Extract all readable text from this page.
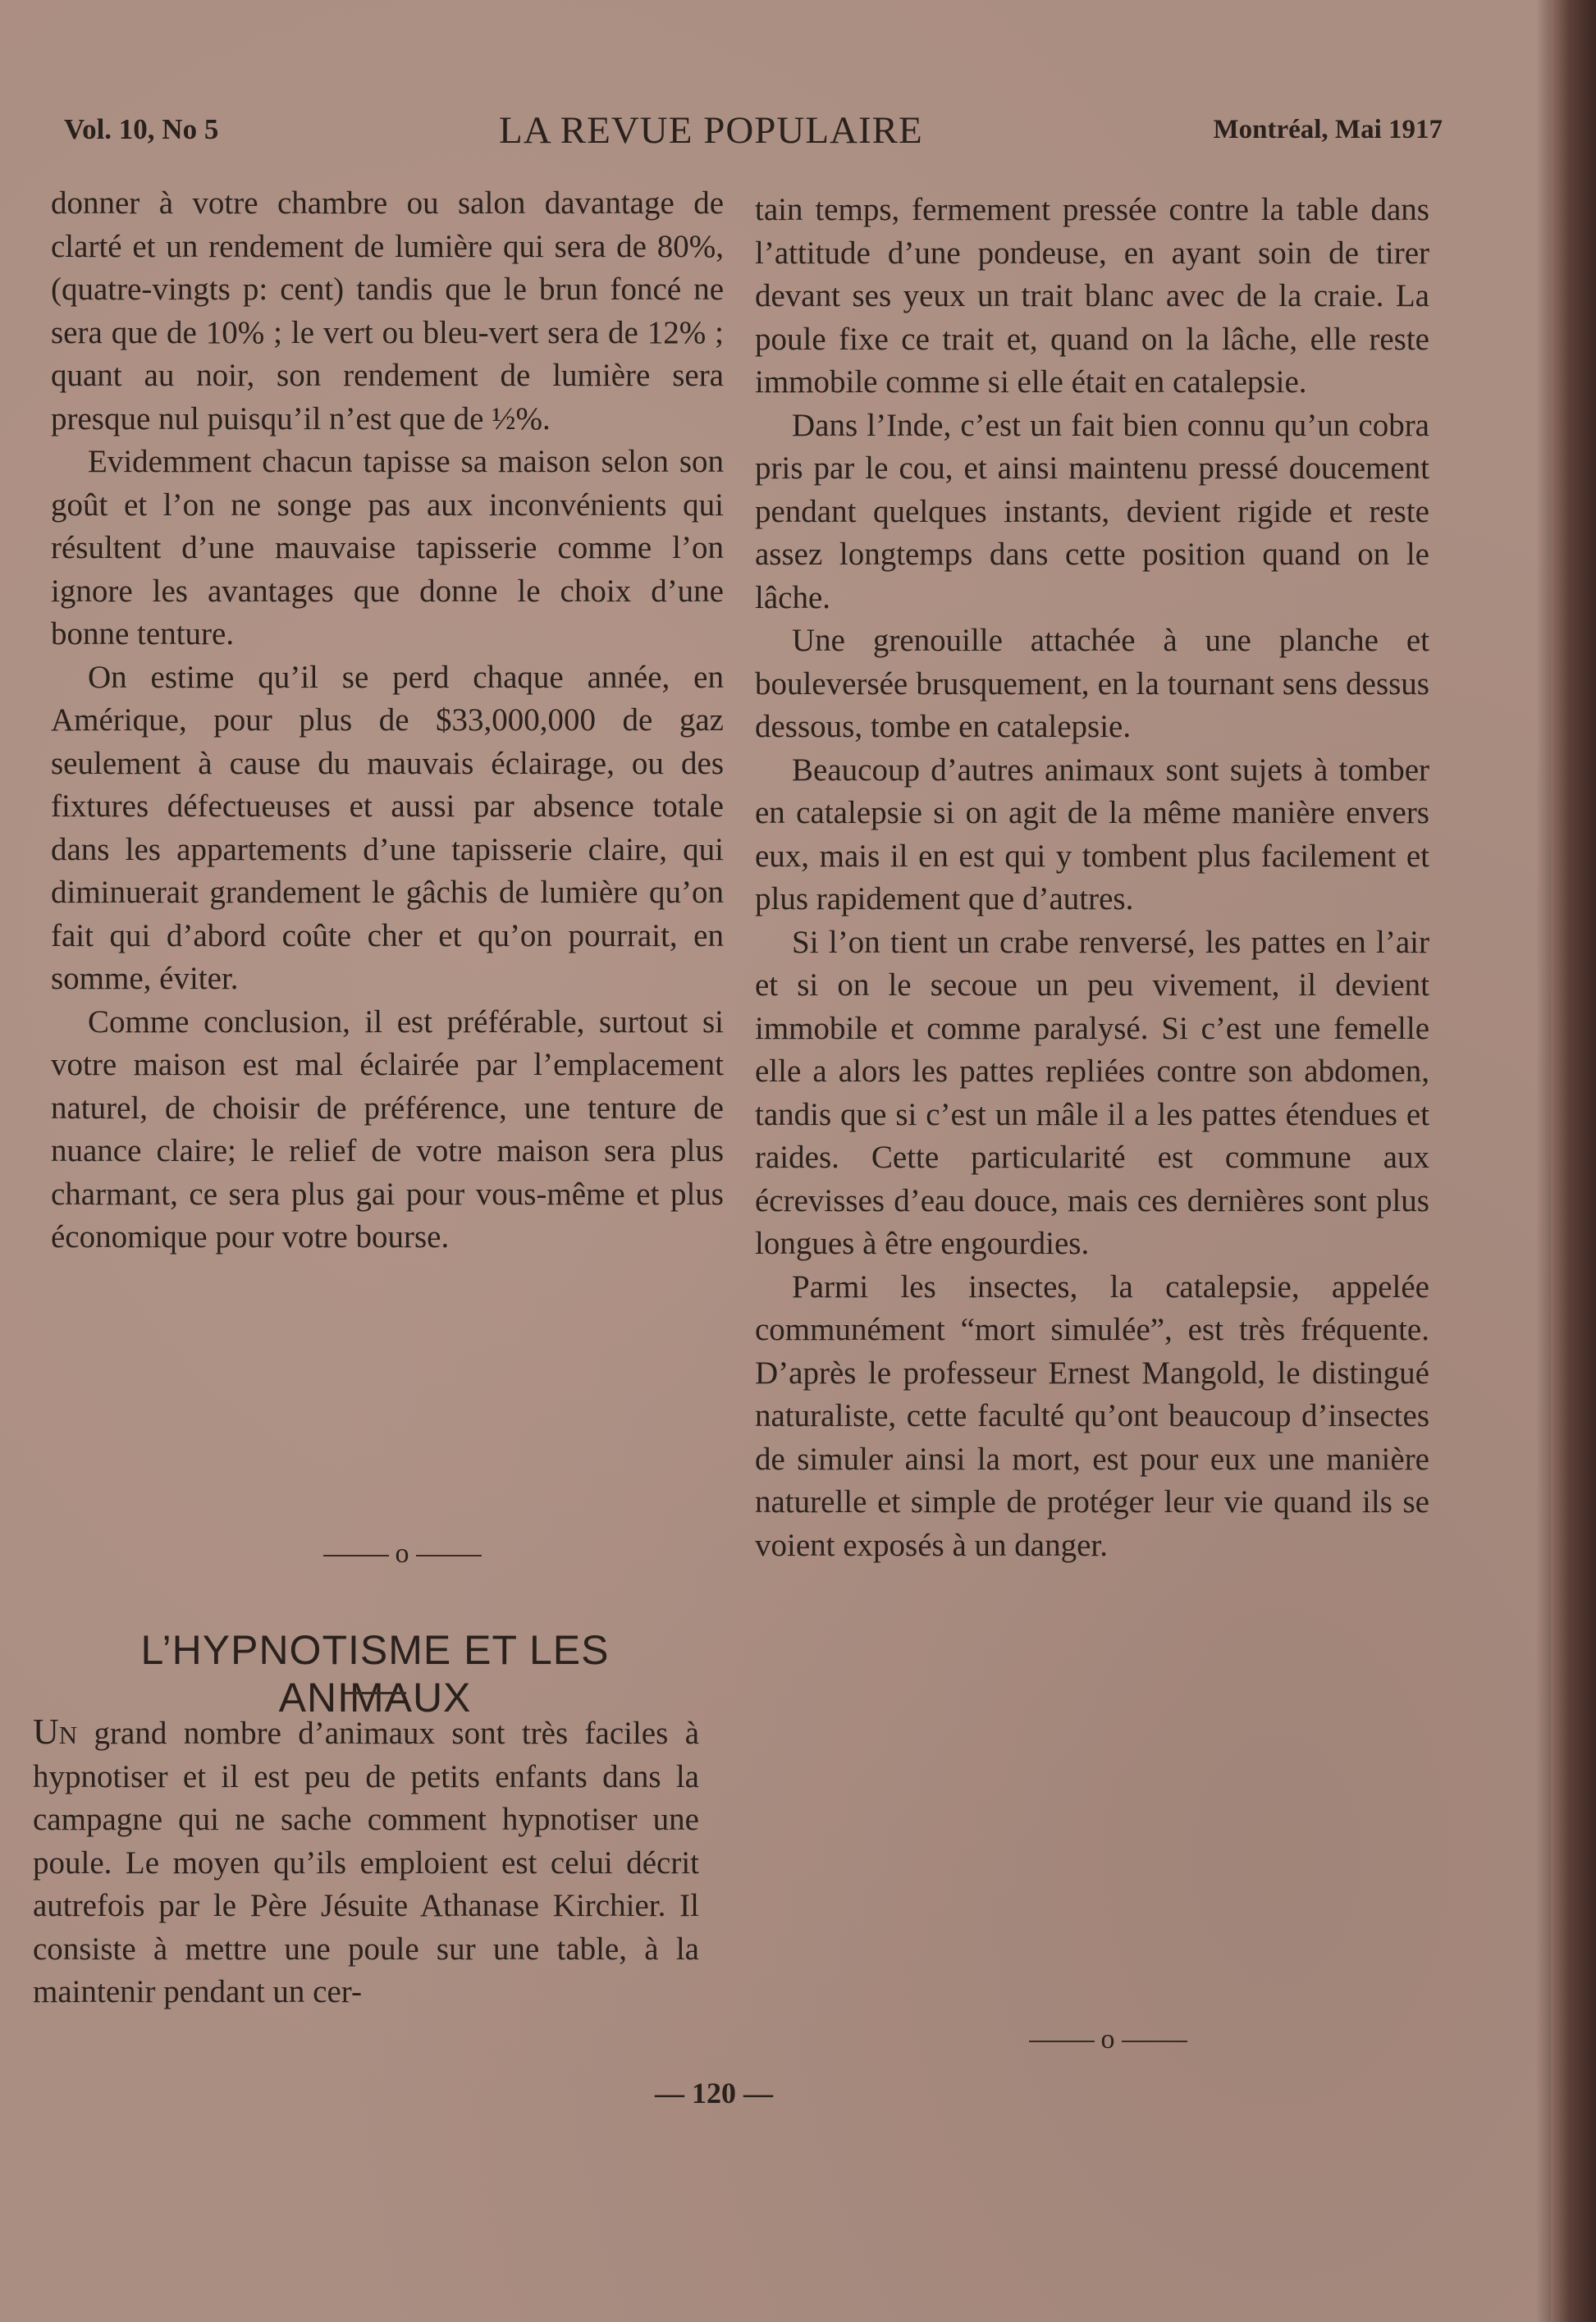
Vol. 10, No 5	LA REVUE POPULAIRE	Montréal, Mai 1917

donner à votre chambre ou salon davantage de clarté et un rendement de lumière qui sera de 80%, (quatre-vingts p: cent) tandis que le brun foncé ne sera que de 10% ; le vert ou bleu-vert sera de 12% ; quant au noir, son rendement de lumière sera presque nul puisqu’il n’est que de ½%.

Evidemment chacun tapisse sa maison selon son goût et l’on ne songe pas aux inconvénients qui résultent d’une mauvaise tapisserie comme l’on ignore les avantages que donne le choix d’une bonne tenture.

On estime qu’il se perd chaque année, en Amérique, pour plus de $33,000,000 de gaz seulement à cause du mauvais éclairage, ou des fixtures défectueuses et aussi par absence totale dans les appartements d’une tapisserie claire, qui diminuerait grandement le gâchis de lumière qu’on fait qui d’abord coûte cher et qu’on pourrait, en somme, éviter.

Comme conclusion, il est préférable, surtout si votre maison est mal éclairée par l’emplacement naturel, de choisir de préférence, une tenture de nuance claire; le relief de votre maison sera plus charmant, ce sera plus gai pour vous-même et plus économique pour votre bourse.

o
L’HYPNOTISME ET LES ANIMAUX

Un grand nombre d’animaux sont très faciles à hypnotiser et il est peu de petits enfants dans la campagne qui ne sache comment hypnotiser une poule. Le moyen qu’ils emploient est celui décrit autrefois par le Père Jésuite Athanase Kirchier. Il consiste à mettre une poule sur une table, à la maintenir pendant un cer-

tain temps, fermement pressée contre la table dans l’attitude d’une pondeuse, en ayant soin de tirer devant ses yeux un trait blanc avec de la craie. La poule fixe ce trait et, quand on la lâche, elle reste immobile comme si elle était en catalepsie.

Dans l’Inde, c’est un fait bien connu qu’un cobra pris par le cou, et ainsi maintenu pressé doucement pendant quelques instants, devient rigide et reste assez longtemps dans cette position quand on le lâche.

Une grenouille attachée à une planche et bouleversée brusquement, en la tournant sens dessus dessous, tombe en catalepsie.

Beaucoup d’autres animaux sont sujets à tomber en catalepsie si on agit de la même manière envers eux, mais il en est qui y tombent plus facilement et plus rapidement que d’autres.

Si l’on tient un crabe renversé, les pattes en l’air et si on le secoue un peu vivement, il devient immobile et comme paralysé. Si c’est une femelle elle a alors les pattes repliées contre son abdomen, tandis que si c’est un mâle il a les pattes étendues et raides. Cette particularité est commune aux écrevisses d’eau douce, mais ces dernières sont plus longues à être engourdies.

Parmi les insectes, la catalepsie, appelée communément “mort simulée”, est très fréquente. D’après le professeur Ernest Mangold, le distingué naturaliste, cette faculté qu’ont beaucoup d’insectes de simuler ainsi la mort, est pour eux une manière naturelle et simple de protéger leur vie quand ils se voient exposés à un danger.

o
— 120 —
